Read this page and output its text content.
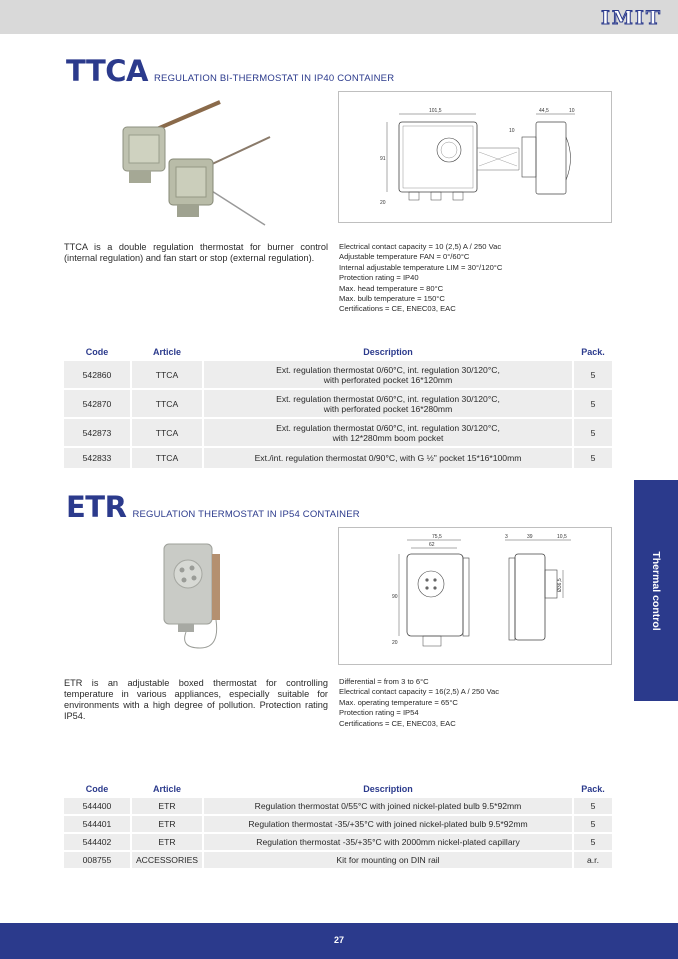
IMIT
TTCA REGULATION BI-THERMOSTAT IN IP40 CONTAINER
101,5
91
20
44,5	10
10
TTCA is a double regulation thermostat for burner control (internal regulation) and fan start or stop (external regulation).
Electrical contact capacity = 10 (2,5) A / 250 Vac
Adjustable temperature FAN = 0°/60°C
Internal adjustable temperature LIM = 30°/120°C
Protection rating = IP40
Max. head temperature = 80°C
Max. bulb temperature = 150°C
Certifications = CE, ENEC03, EAC
Code	Article	Description	Pack.
542860	TTCA	Ext. regulation thermostat 0/60°C, int. regulation 30/120°C,
with perforated pocket 16*120mm	5
542870	TTCA	Ext. regulation thermostat 0/60°C, int. regulation 30/120°C,
with perforated pocket 16*280mm	5
542873	TTCA	Ext. regulation thermostat 0/60°C, int. regulation 30/120°C,
with 12*280mm boom pocket	5
542833	TTCA	Ext./int. regulation thermostat 0/90°C, with G ½" pocket 15*16*100mm	5
ETR REGULATION THERMOSTAT IN IP54 CONTAINER
75,5
62
90
20
3	39	10,5
Ø36,5
ETR is an adjustable boxed thermostat for controlling temperature in various appliances, especially suitable for environments with a high degree of pollution. Protection rating IP54.
Differential = from 3 to 6°C
Electrical contact capacity = 16(2,5) A / 250 Vac
Max. operating temperature = 65°C
Protection rating = IP54
Certifications = CE, ENEC03, EAC
Code	Article	Description	Pack.
544400	ETR	Regulation thermostat 0/55°C with joined nickel-plated bulb 9.5*92mm	5
544401	ETR	Regulation thermostat -35/+35°C with joined nickel-plated bulb 9.5*92mm	5
544402	ETR	Regulation thermostat -35/+35°C with 2000mm nickel-plated capillary	5
008755	ACCESSORIES	Kit for mounting on DIN rail	a.r.
Thermal control
27
